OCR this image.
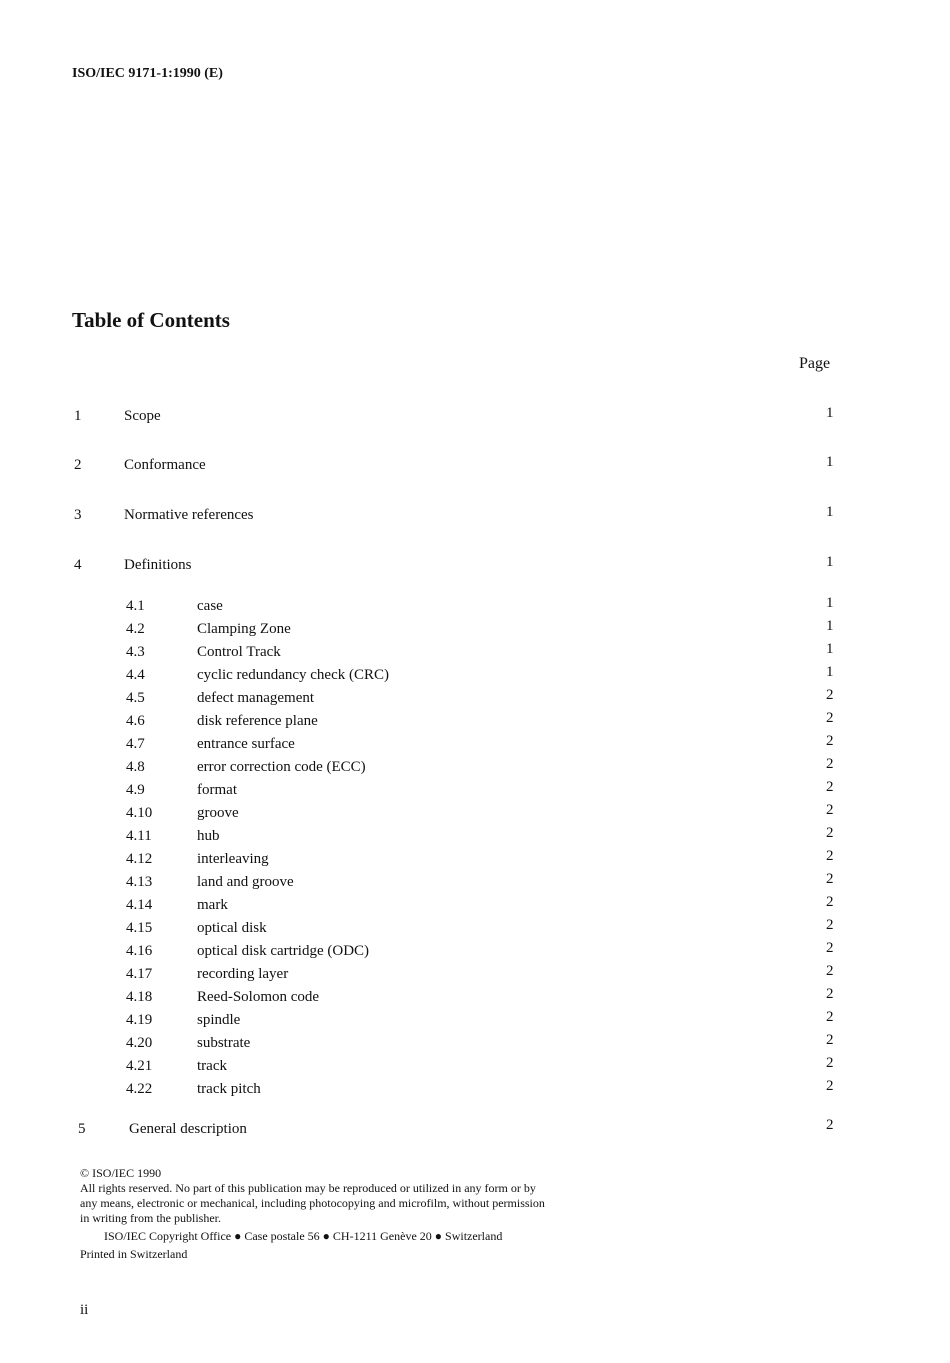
ISO/IEC 9171-1:1990 (E)
Table of Contents
Page
1	Scope	1
2	Conformance	1
3	Normative references	1
4	Definitions	1
4.1	case	1
4.2	Clamping Zone	1
4.3	Control Track	1
4.4	cyclic redundancy check (CRC)	1
4.5	defect management	2
4.6	disk reference plane	2
4.7	entrance surface	2
4.8	error correction code (ECC)	2
4.9	format	2
4.10	groove	2
4.11	hub	2
4.12	interleaving	2
4.13	land and groove	2
4.14	mark	2
4.15	optical disk	2
4.16	optical disk cartridge (ODC)	2
4.17	recording layer	2
4.18	Reed-Solomon code	2
4.19	spindle	2
4.20	substrate	2
4.21	track	2
4.22	track pitch	2
5	General description	2
© ISO/IEC 1990
All rights reserved. No part of this publication may be reproduced or utilized in any form or by
any means, electronic or mechanical, including photocopying and microfilm, without permission
in writing from the publisher.
ISO/IEC Copyright Office ● Case postale 56 ● CH-1211 Genève 20 ● Switzerland
Printed in Switzerland
ii
